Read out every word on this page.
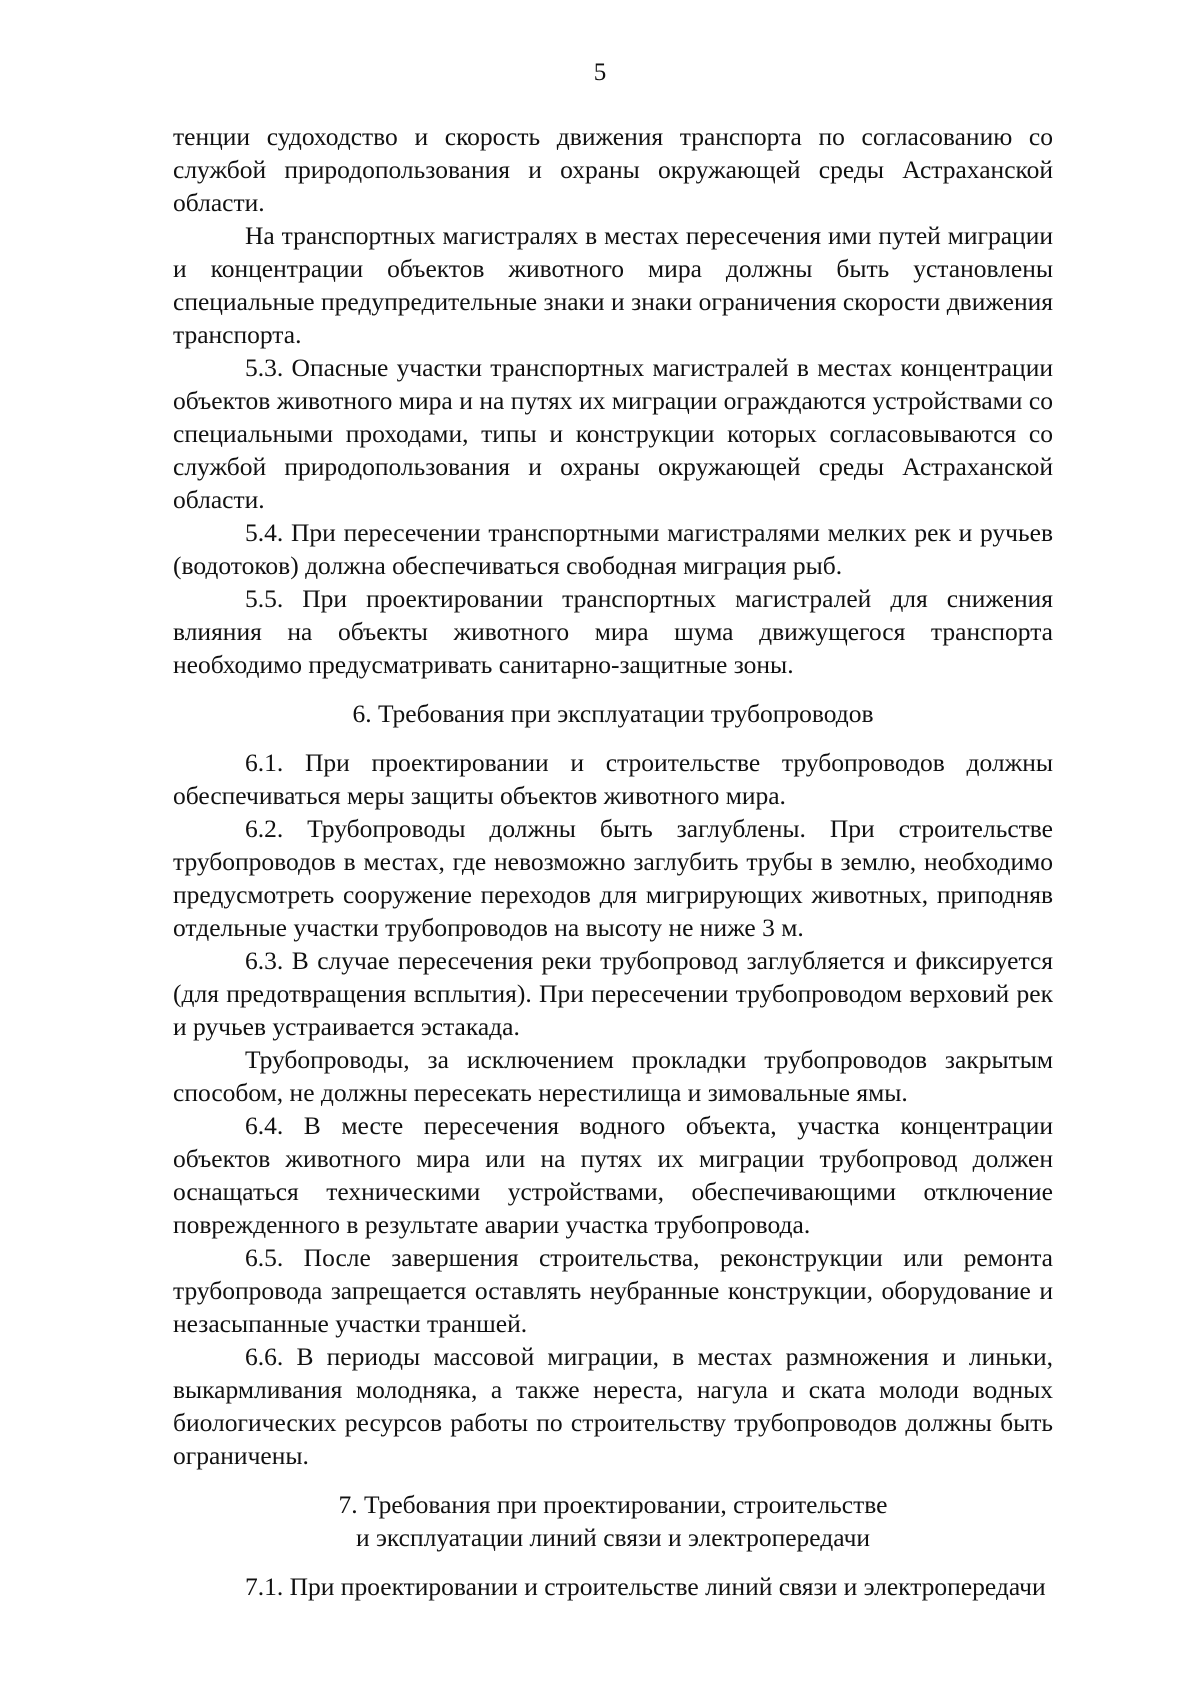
5

тенции судоходство и скорость движения транспорта по согласованию со службой природопользования и охраны окружающей среды Астраханской области.

На транспортных магистралях в местах пересечения ими путей миграции и концентрации объектов животного мира должны быть установлены специальные предупредительные знаки и знаки ограничения скорости движения транспорта.

5.3. Опасные участки транспортных магистралей в местах концентрации объектов животного мира и на путях их миграции ограждаются устройствами со специальными проходами, типы и конструкции которых согласовываются со службой природопользования и охраны окружающей среды Астраханской области.

5.4. При пересечении транспортными магистралями мелких рек и ручьев (водотоков) должна обеспечиваться свободная миграция рыб.

5.5. При проектировании транспортных магистралей для снижения влияния на объекты животного мира шума движущегося транспорта необходимо предусматривать санитарно-защитные зоны.

6. Требования при эксплуатации трубопроводов

6.1. При проектировании и строительстве трубопроводов должны обеспечиваться меры защиты объектов животного мира.

6.2. Трубопроводы должны быть заглублены. При строительстве трубопроводов в местах, где невозможно заглубить трубы в землю, необходимо предусмотреть сооружение переходов для мигрирующих животных, приподняв отдельные участки трубопроводов на высоту не ниже 3 м.

6.3. В случае пересечения реки трубопровод заглубляется и фиксируется (для предотвращения всплытия). При пересечении трубопроводом верховий рек и ручьев устраивается эстакада.

Трубопроводы, за исключением прокладки трубопроводов закрытым способом, не должны пересекать нерестилища и зимовальные ямы.

6.4. В месте пересечения водного объекта, участка концентрации объектов животного мира или на путях их миграции трубопровод должен оснащаться техническими устройствами, обеспечивающими отключение поврежденного в результате аварии участка трубопровода.

6.5. После завершения строительства, реконструкции или ремонта трубопровода запрещается оставлять неубранные конструкции, оборудование и незасыпанные участки траншей.

6.6. В периоды массовой миграции, в местах размножения и линьки, выкармливания молодняка, а также нереста, нагула и ската молоди водных биологических ресурсов работы по строительству трубопроводов должны быть ограничены.

7. Требования при проектировании, строительстве
и эксплуатации линий связи и электропередачи

7.1. При проектировании и строительстве линий связи и электропередачи
